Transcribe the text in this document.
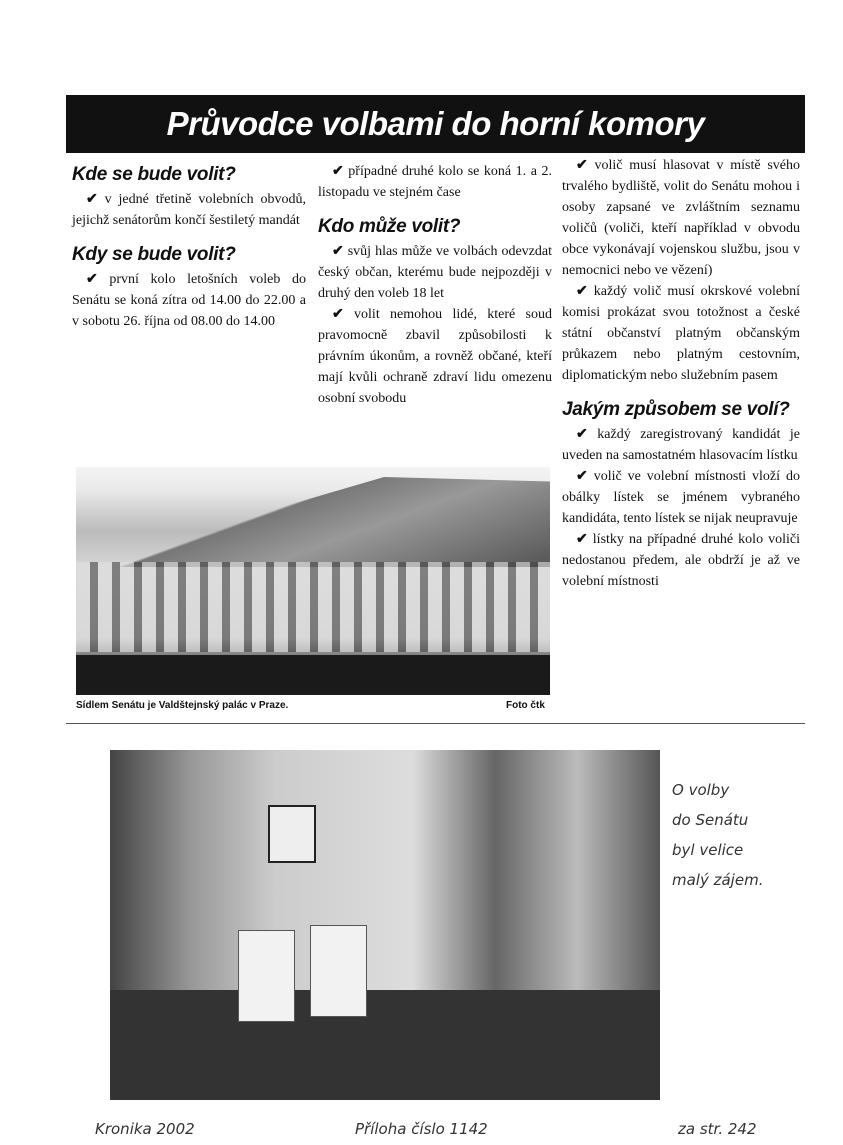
Průvodce volbami do horní komory
Kde se bude volit?

✔ v jedné třetině volebních obvodů, jejichž senátorům končí šestiletý mandát

Kdy se bude volit?

✔ první kolo letošních voleb do Senátu se koná zítra od 14.00 do 22.00 a v sobotu 26. října od 08.00 do 14.00

✔ případné druhé kolo se koná 1. a 2. listopadu ve stejném čase

Kdo může volit?

✔ svůj hlas může ve volbách odevzdat český občan, kterému bude nejpozději v druhý den voleb 18 let

✔ volit nemohou lidé, které soud pravomocně zbavil způsobilosti k právním úkonům, a rovněž občané, kteří mají kvůli ochraně zdraví lidu omezenu osobní svobodu

✔ volič musí hlasovat v místě svého trvalého bydliště, volit do Senátu mohou i osoby zapsané ve zvláštním seznamu voličů (voliči, kteří například v obvodu obce vykonávají vojenskou službu, jsou v nemocnici nebo ve vězení)

✔ každý volič musí okrskové volební komisi prokázat svou totožnost a české státní občanství platným občanským průkazem nebo platným cestovním, diplomatickým nebo služebním pasem

Jakým způsobem se volí?

✔ každý zaregistrovaný kandidát je uveden na samostatném hlasovacím lístku

✔ volič ve volební místnosti vloží do obálky lístek se jménem vybraného kandidáta, tento lístek se nijak neupravuje

✔ lístky na případné druhé kolo voliči nedostanou předem, ale obdrží je až ve volební místnosti

Sídlem Senátu je Valdštejnský palác v Praze.	Foto čtk
O volby
do Senátu
byl velice
malý zájem.
Kronika 2002	Příloha číslo 1142	za str. 242
